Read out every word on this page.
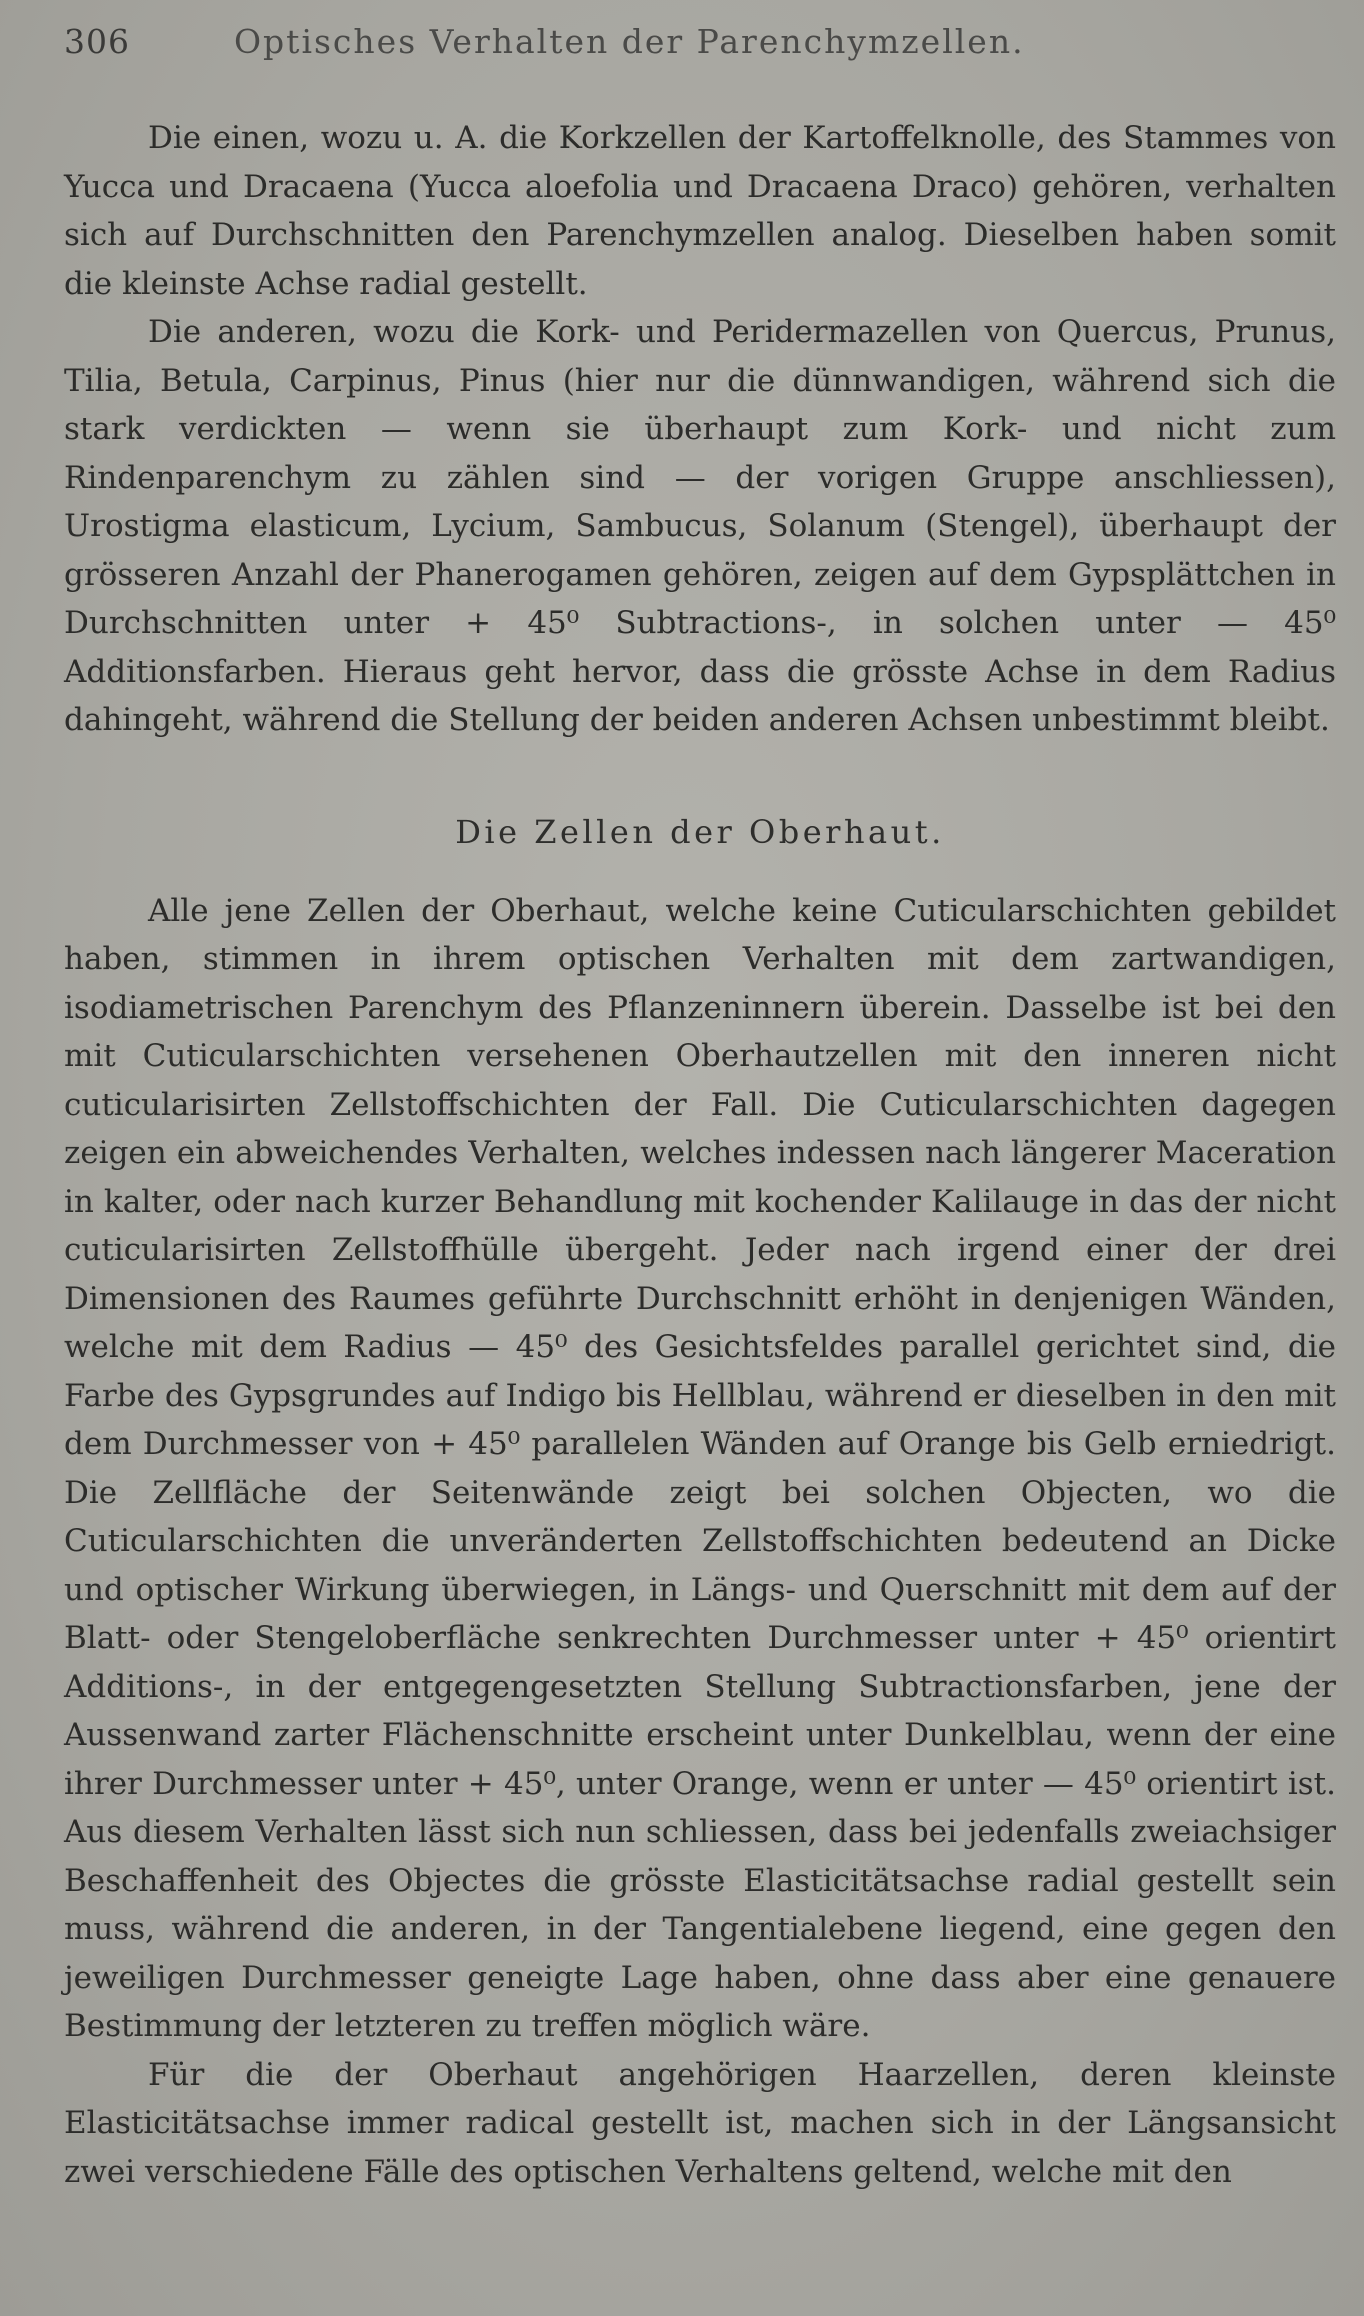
306	Optisches Verhalten der Parenchymzellen.

Die einen, wozu u. A. die Korkzellen der Kartoffelknolle, des Stammes von Yucca und Dracaena (Yucca aloefolia und Dracaena Draco) gehören, verhalten sich auf Durchschnitten den Parenchymzellen analog. Dieselben haben somit die kleinste Achse radial gestellt.

Die anderen, wozu die Kork- und Peridermazellen von Quercus, Prunus, Tilia, Betula, Carpinus, Pinus (hier nur die dünnwandigen, während sich die stark verdickten — wenn sie überhaupt zum Kork- und nicht zum Rindenparenchym zu zählen sind — der vorigen Gruppe anschliessen), Urostigma elasticum, Lycium, Sambucus, Solanum (Stengel), überhaupt der grösseren Anzahl der Phanerogamen gehören, zeigen auf dem Gypsplättchen in Durchschnitten unter + 45⁰ Subtractions-, in solchen unter — 45⁰ Additionsfarben. Hieraus geht hervor, dass die grösste Achse in dem Radius dahingeht, während die Stellung der beiden anderen Achsen unbestimmt bleibt.

Die Zellen der Oberhaut.

Alle jene Zellen der Oberhaut, welche keine Cuticularschichten gebildet haben, stimmen in ihrem optischen Verhalten mit dem zartwandigen, isodiametrischen Parenchym des Pflanzeninnern überein. Dasselbe ist bei den mit Cuticularschichten versehenen Oberhautzellen mit den inneren nicht cuticularisirten Zellstoffschichten der Fall. Die Cuticularschichten dagegen zeigen ein abweichendes Verhalten, welches indessen nach längerer Maceration in kalter, oder nach kurzer Behandlung mit kochender Kalilauge in das der nicht cuticularisirten Zellstoffhülle übergeht. Jeder nach irgend einer der drei Dimensionen des Raumes geführte Durchschnitt erhöht in denjenigen Wänden, welche mit dem Radius — 45⁰ des Gesichtsfeldes parallel gerichtet sind, die Farbe des Gypsgrundes auf Indigo bis Hellblau, während er dieselben in den mit dem Durchmesser von + 45⁰ parallelen Wänden auf Orange bis Gelb erniedrigt. Die Zellfläche der Seitenwände zeigt bei solchen Objecten, wo die Cuticularschichten die unveränderten Zellstoffschichten bedeutend an Dicke und optischer Wirkung überwiegen, in Längs- und Querschnitt mit dem auf der Blatt- oder Stengeloberfläche senkrechten Durchmesser unter + 45⁰ orientirt Additions-, in der entgegengesetzten Stellung Subtractionsfarben, jene der Aussenwand zarter Flächenschnitte erscheint unter Dunkelblau, wenn der eine ihrer Durchmesser unter + 45⁰, unter Orange, wenn er unter — 45⁰ orientirt ist. Aus diesem Verhalten lässt sich nun schliessen, dass bei jedenfalls zweiachsiger Beschaffenheit des Objectes die grösste Elasticitätsachse radial gestellt sein muss, während die anderen, in der Tangentialebene liegend, eine gegen den jeweiligen Durchmesser geneigte Lage haben, ohne dass aber eine genauere Bestimmung der letzteren zu treffen möglich wäre.

Für die der Oberhaut angehörigen Haarzellen, deren kleinste Elasticitätsachse immer radical gestellt ist, machen sich in der Längsansicht zwei verschiedene Fälle des optischen Verhaltens geltend, welche mit den
